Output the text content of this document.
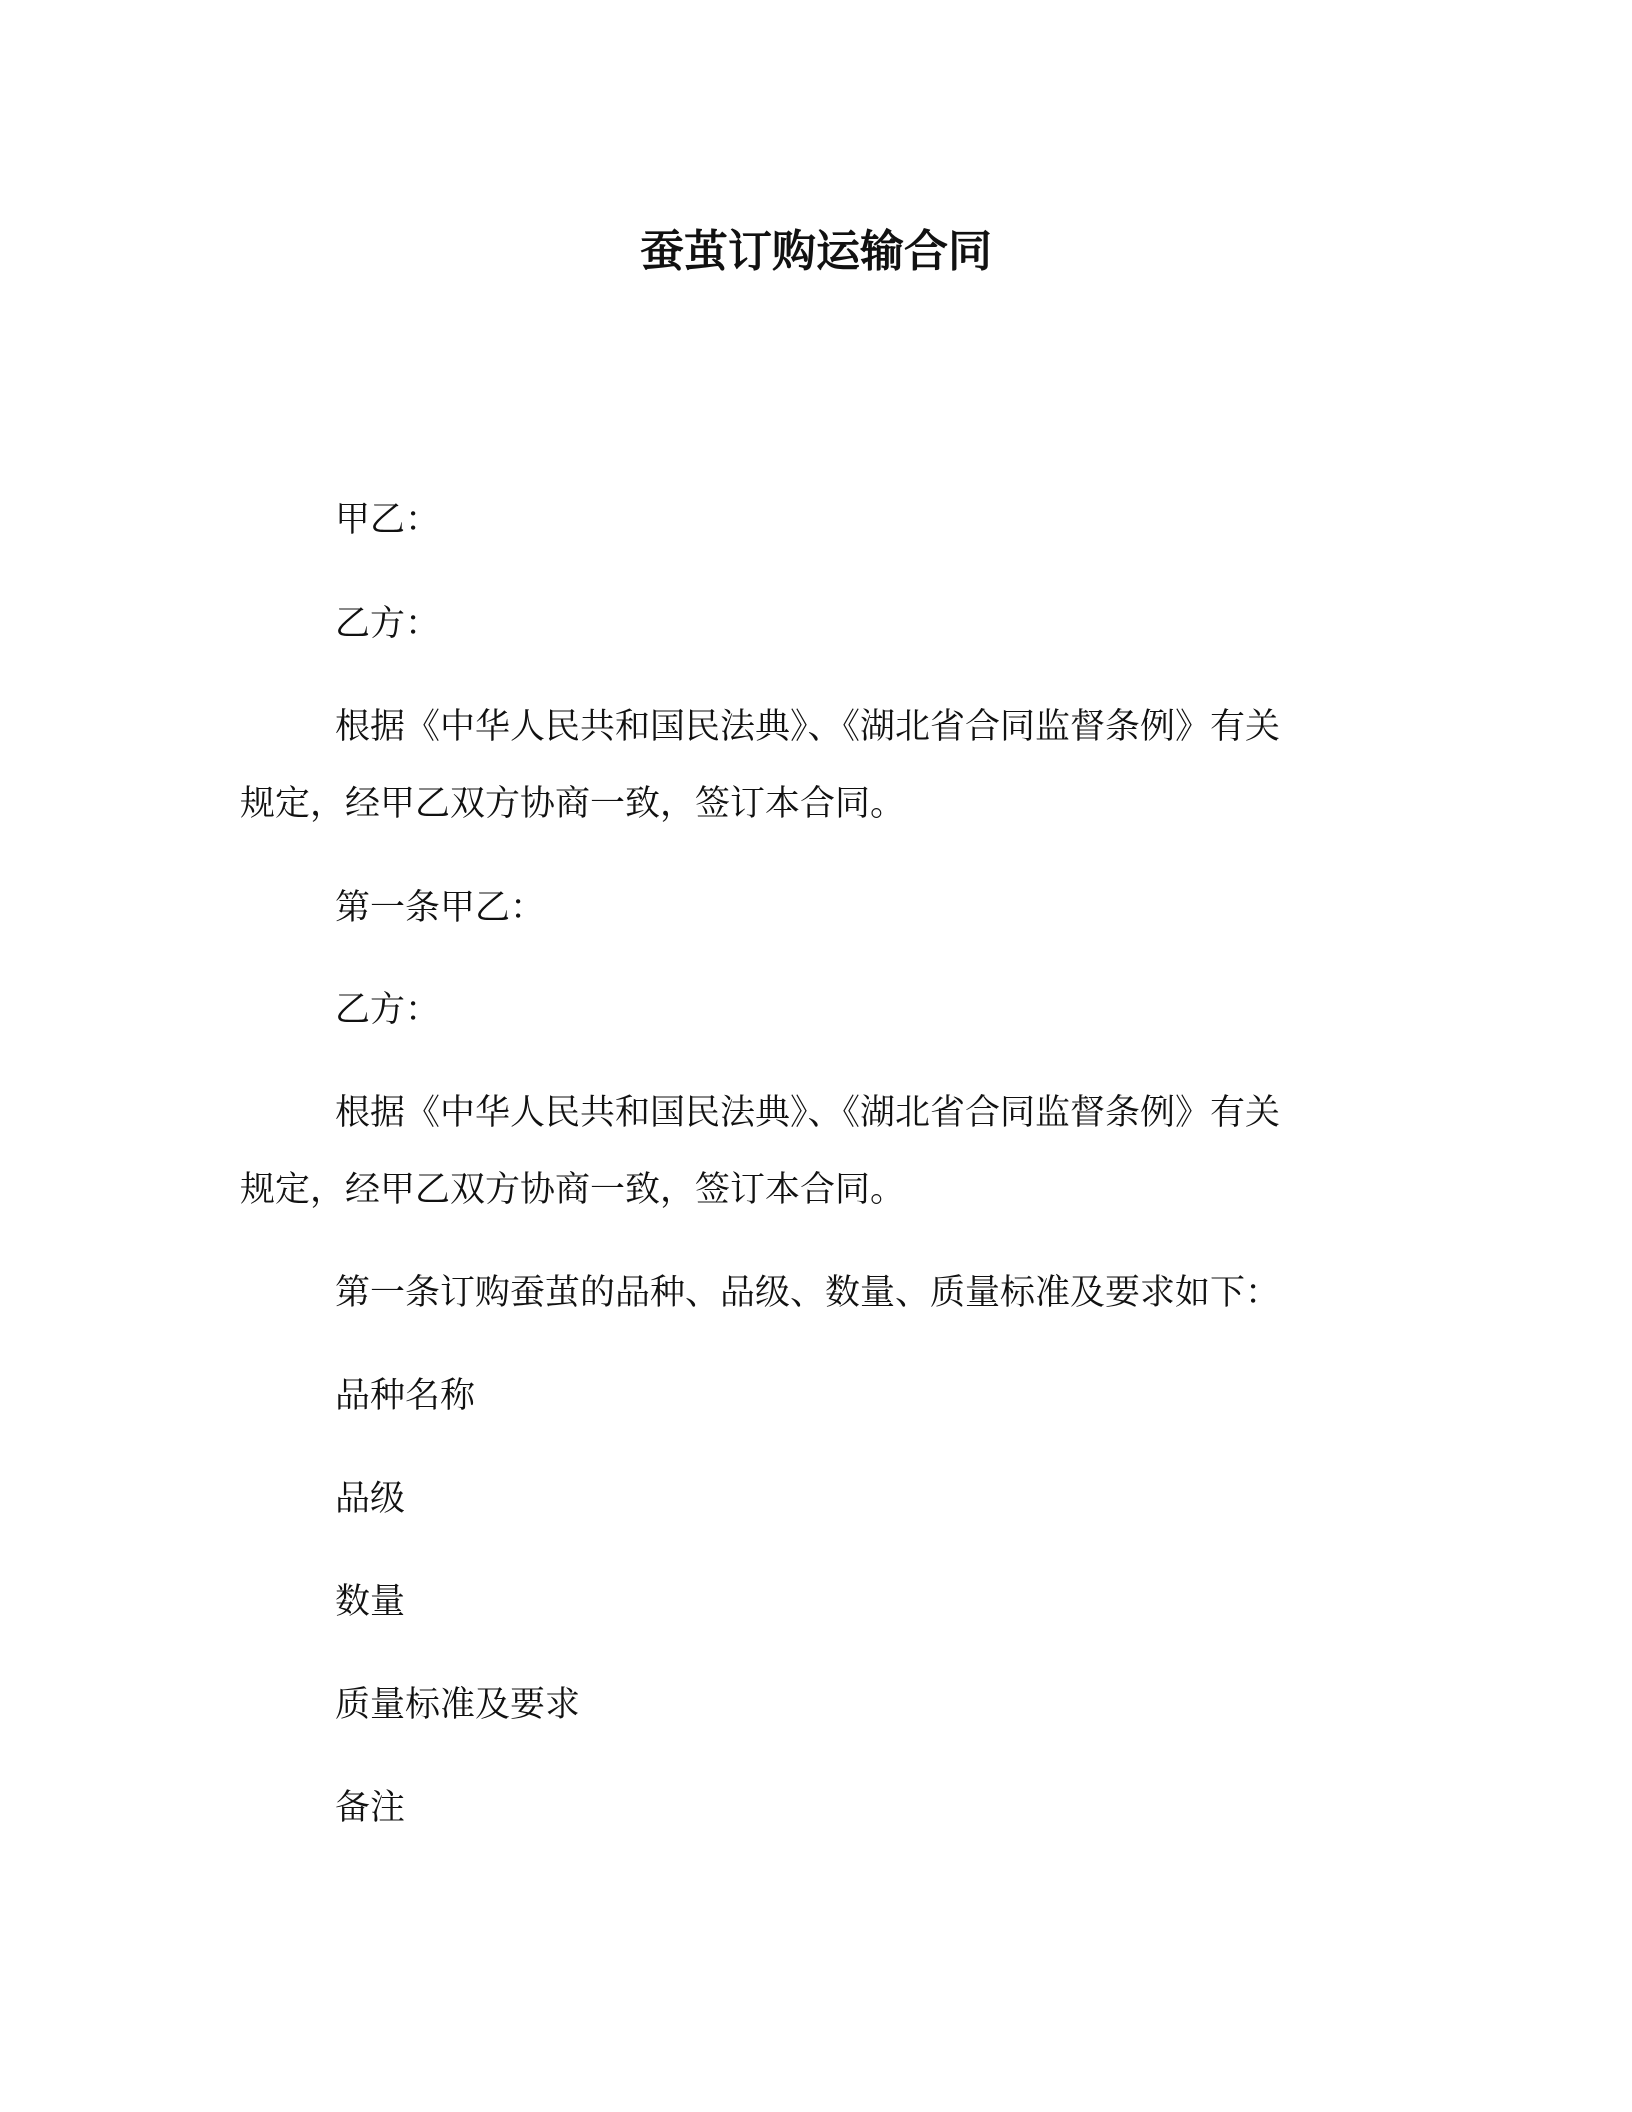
蚕茧订购运输合同
甲乙：
乙方：
根据《中华人民共和国民法典》、《湖北省合同监督条例》有关
规定，经甲乙双方协商一致，签订本合同。
第一条甲乙：
乙方：
根据《中华人民共和国民法典》、《湖北省合同监督条例》有关
规定，经甲乙双方协商一致，签订本合同。
第一条订购蚕茧的品种、品级、数量、质量标准及要求如下：
品种名称
品级
数量
质量标准及要求
备注
